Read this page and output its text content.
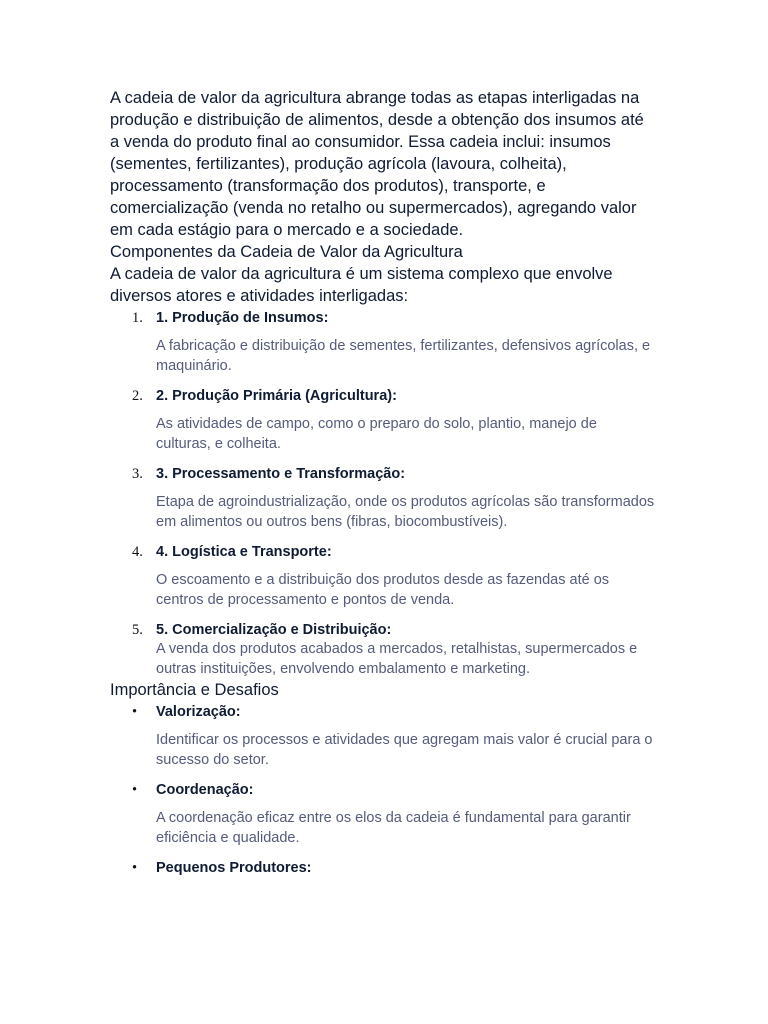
A cadeia de valor da agricultura abrange todas as etapas interligadas na produção e distribuição de alimentos, desde a obtenção dos insumos até a venda do produto final ao consumidor. Essa cadeia inclui: insumos (sementes, fertilizantes), produção agrícola (lavoura, colheita), processamento (transformação dos produtos), transporte, e comercialização (venda no retalho ou supermercados), agregando valor em cada estágio para o mercado e a sociedade.

Componentes da Cadeia de Valor da Agricultura

A cadeia de valor da agricultura é um sistema complexo que envolve diversos atores e atividades interligadas:

1. 1. Produção de Insumos:
A fabricação e distribuição de sementes, fertilizantes, defensivos agrícolas, e maquinário.
2. 2. Produção Primária (Agricultura):
As atividades de campo, como o preparo do solo, plantio, manejo de culturas, e colheita.
3. 3. Processamento e Transformação:
Etapa de agroindustrialização, onde os produtos agrícolas são transformados em alimentos ou outros bens (fibras, biocombustíveis).
4. 4. Logística e Transporte:
O escoamento e a distribuição dos produtos desde as fazendas até os centros de processamento e pontos de venda.
5. 5. Comercialização e Distribuição:
A venda dos produtos acabados a mercados, retalhistas, supermercados e outras instituições, envolvendo embalamento e marketing.

Importância e Desafios

• Valorização:
Identificar os processos e atividades que agregam mais valor é crucial para o sucesso do setor.
• Coordenação:
A coordenação eficaz entre os elos da cadeia é fundamental para garantir eficiência e qualidade.
• Pequenos Produtores:
